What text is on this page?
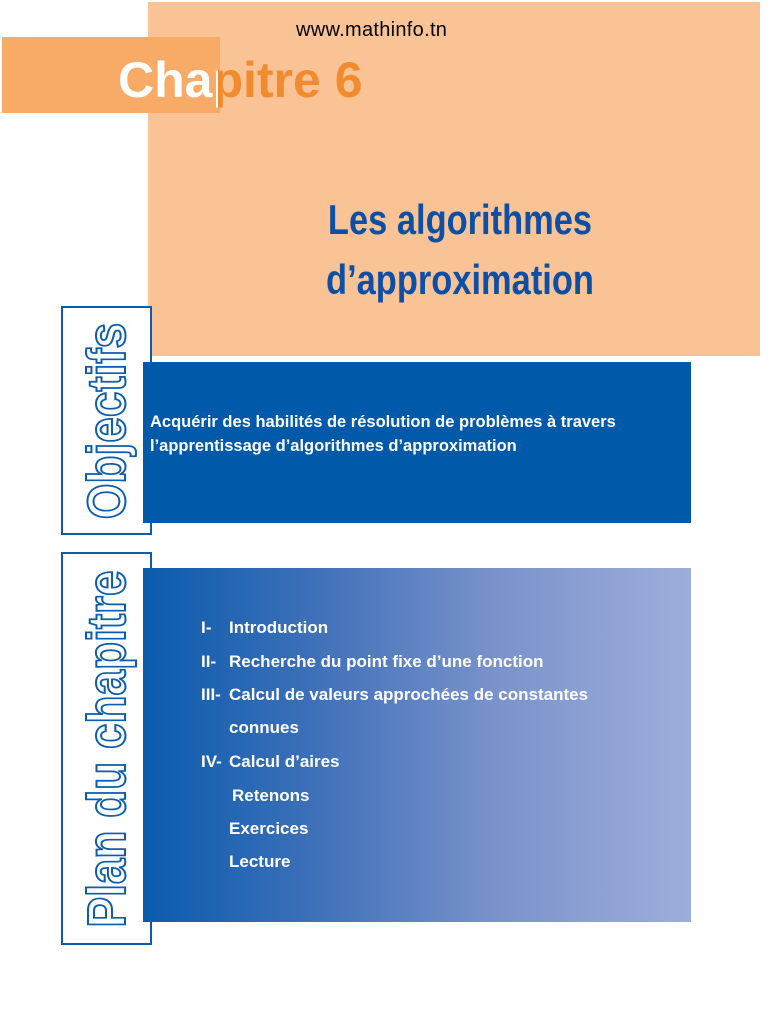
www.mathinfo.tn
Chapitre 6
Les algorithmes
d’approximation
Objectifs Acquérir des habilités de résolution de problèmes à travers l’apprentissage d’algorithmes d’approximation
Plan du chapitre	I- Introduction
II- Recherche du point fixe d’une fonction
III- Calcul de valeurs approchées de constantes
connues
IV- Calcul d’aires
Retenons
Exercices
Lecture
